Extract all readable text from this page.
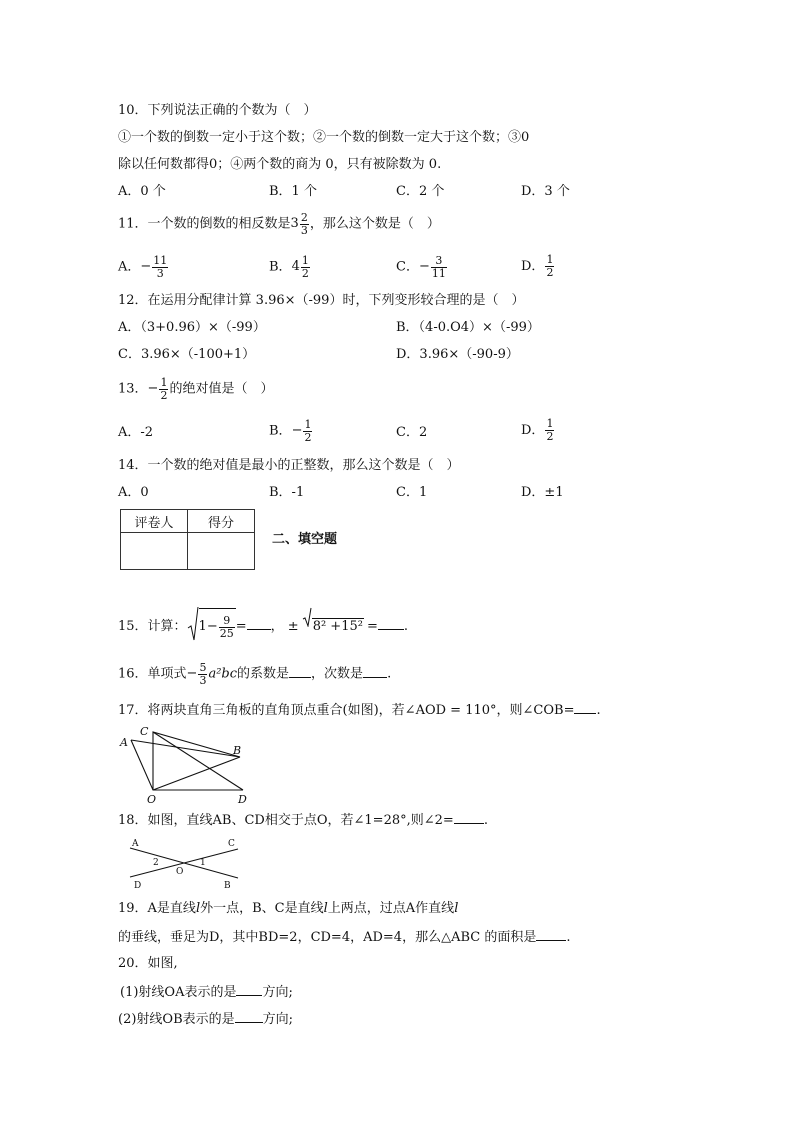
10．下列说法正确的个数为（　）
①一个数的倒数一定小于这个数；②一个数的倒数一定大于这个数；③0
除以任何数都得0；④两个数的商为 0，只有被除数为 0.
A．0 个	B．1 个	C．2 个	D．3 个
11．一个数的倒数的相反数是$3 \frac{2}{3}$ ，那么这个数是（　）
A．− $\frac{11}{3}$	B．$4 \frac{1}{2}$	C．− $\frac{3}{11}$	D． $\frac{1}{2}$
12．在运用分配律计算 3.96×（-99）时，下列变形较合理的是（　）
A．（3+0.96）×（-99）	B．（4-0.O4）×（-99）
C．3.96×（-100+1）	D．3.96×（-90-9）
13．− $\frac{1}{2}$ 的绝对值是（　）
A．-2	B．− $\frac{1}{2}$	C．2	D． $\frac{1}{2}$
14．一个数的绝对值是最小的正整数，那么这个数是（　）
A．0	B．-1	C．1	D．±1
评卷人	得分

二、填空题
15．计算： $1- \frac{9}{25}$ = ， ± 8² +15² = .
16．单项式− $\frac{5}{3} a^2bc$的系数是 ，次数是 .
17．将两块直角三角板的直角顶点重合(如图)，若∠AOD = 110°，则∠COB= .
A
C
B
O	D
18．如图，直线AB、CD相交于点O，若∠1=28°,则∠2= .
A	C
D	B
O
1
2
19．A是直线l外一点，B、C是直线l上两点，过点A作直线l
的垂线，垂足为D，其中BD=2，CD=4，AD=4，那么△ABC 的面积是 .
20．如图,
(1)射线OA表示的是 方向;
(2)射线OB表示的是 方向;
